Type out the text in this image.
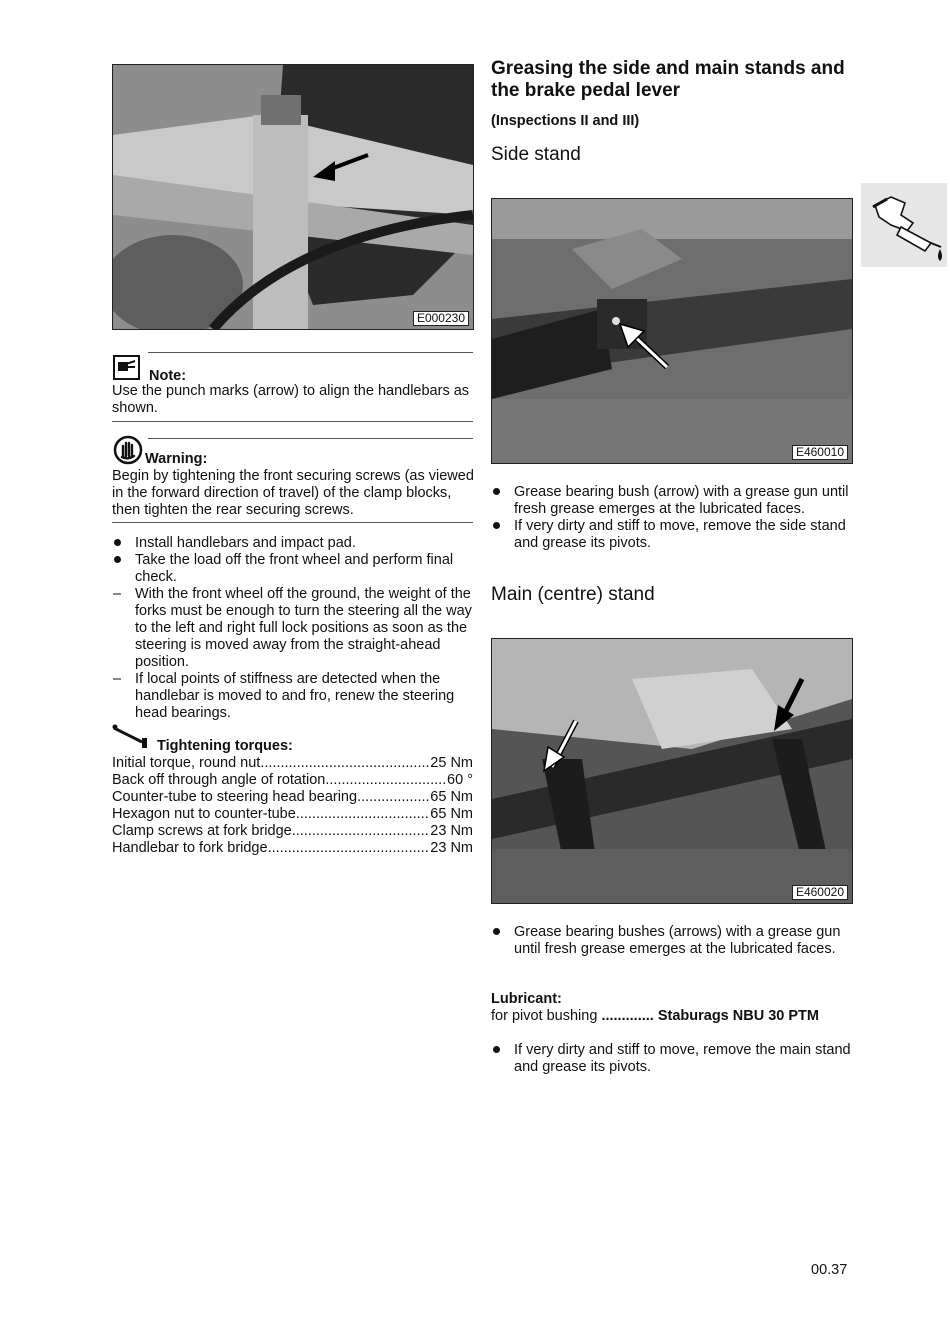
E000230
Note:
Use the punch marks (arrow) to align the handlebars as shown.
Warning:
Begin by tightening the front securing screws (as viewed in the forward direction of travel) of the clamp blocks, then tighten the rear securing screws.
Install handlebars and impact pad.
Take the load off the front wheel and perform final check.
– With the front wheel off the ground, the weight of the forks must be enough to turn the steering all the way to the left and right full lock positions as soon as the steering is moved away from the straight-ahead position.
– If local points of stiffness are detected when the handlebar is moved to and fro, renew the steering head bearings.
Tightening torques:
Initial torque, round nut .....	25 Nm
Back off through angle of rotation .....	60 °
Counter-tube to steering head bearing .....	65 Nm
Hexagon nut to counter-tube .....	65 Nm
Clamp screws at fork bridge .....	23 Nm
Handlebar to fork bridge .....	23 Nm
Greasing the side and main stands and the brake pedal lever
(Inspections II and III)
Side stand
E460010
Grease bearing bush (arrow) with a grease gun until fresh grease emerges at the lubricated faces.
If very dirty and stiff to move, remove the side stand and grease its pivots.
Main (centre) stand
E460020
Grease bearing bushes (arrows) with a grease gun until fresh grease emerges at the lubricated faces.
Lubricant:
for pivot bushing ............. Staburags NBU 30 PTM
If very dirty and stiff to move, remove the main stand and grease its pivots.
00.37
